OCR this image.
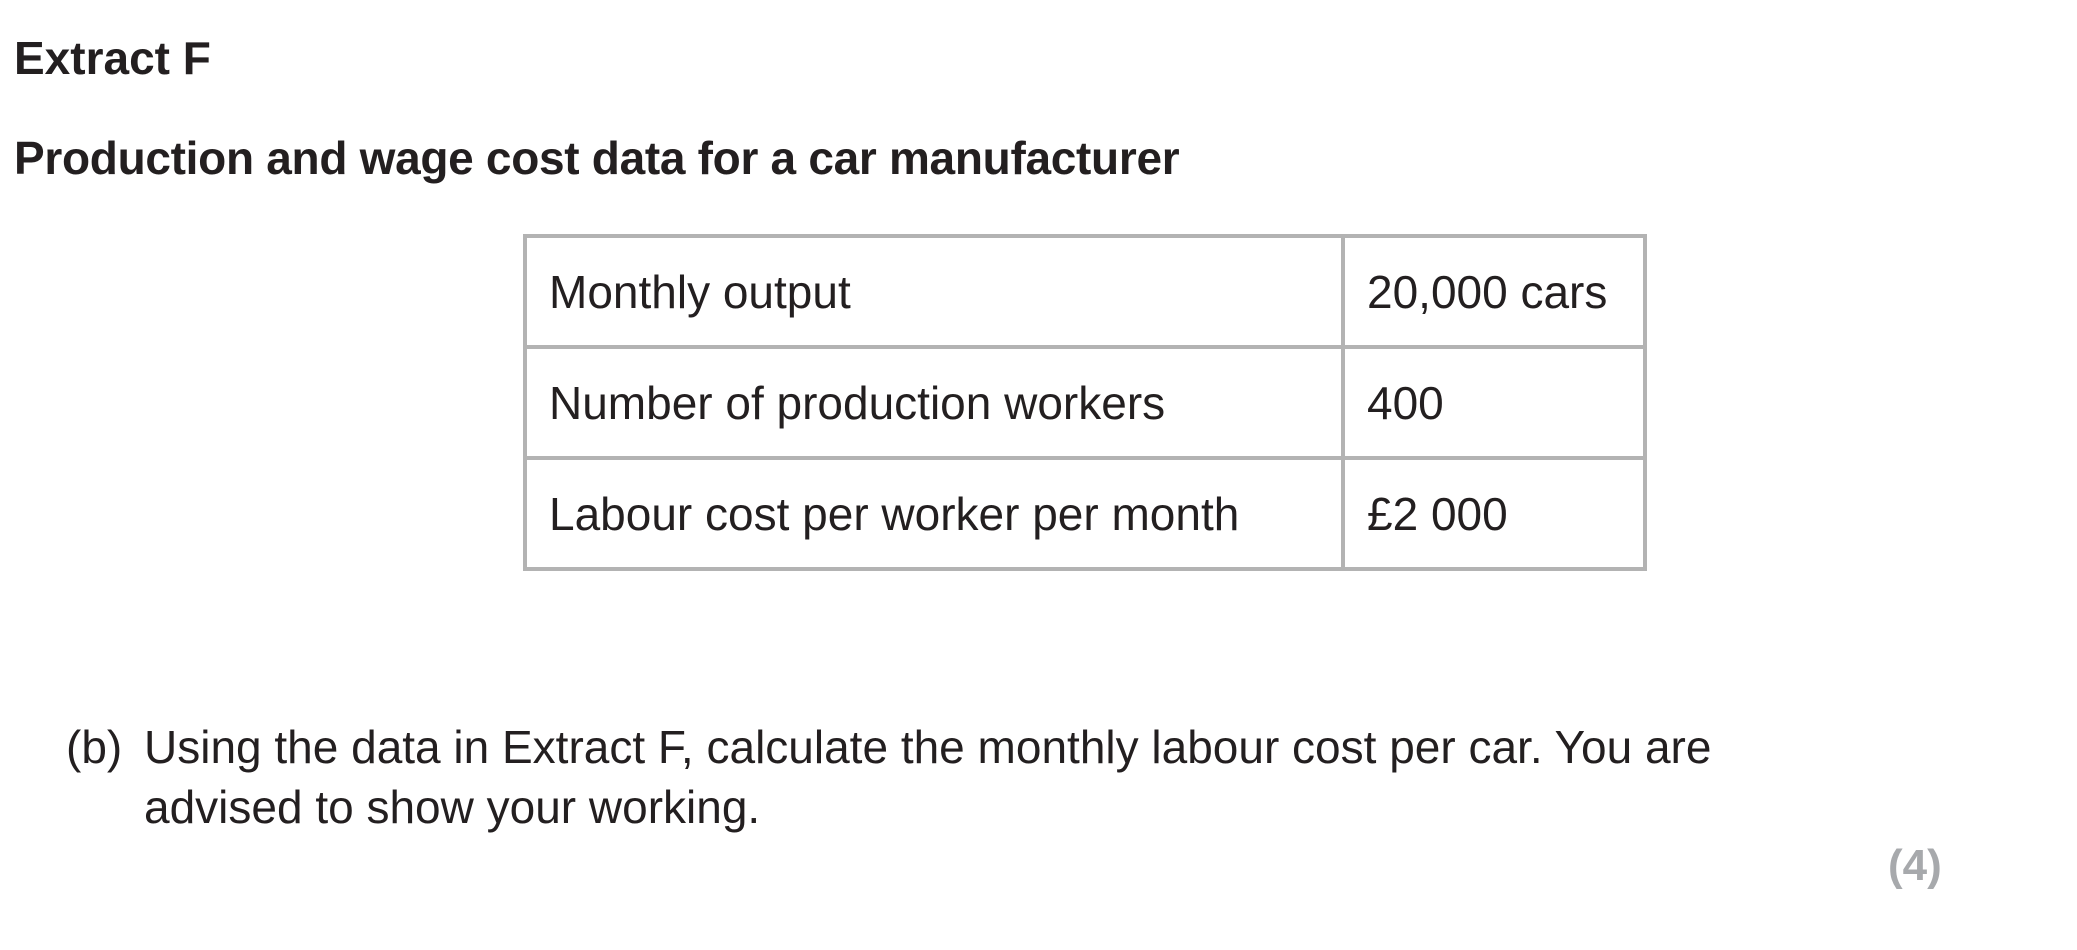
Extract F
Production and wage cost data for a car manufacturer
Monthly output	20,000 cars
Number of production workers	400
Labour cost per worker per month	£2 000
(b) Using the data in Extract F, calculate the monthly labour cost per car. You are advised to show your working.
(4)
